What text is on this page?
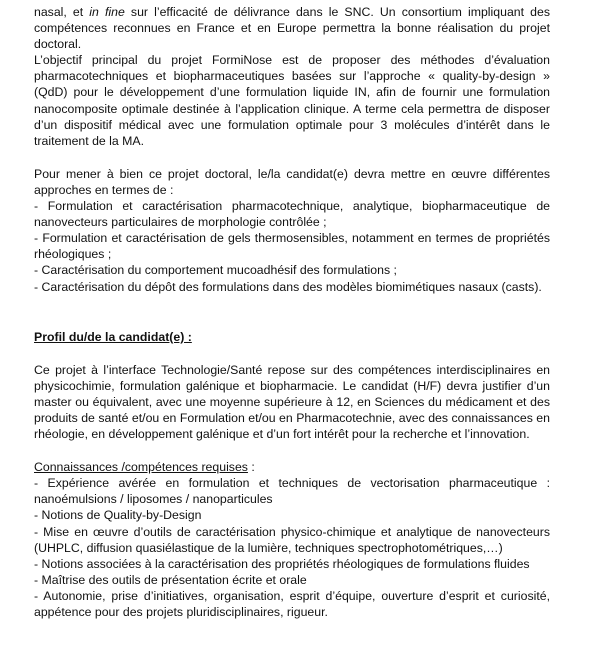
nasal, et in fine sur l’efficacité de délivrance dans le SNC. Un consortium impliquant des compétences reconnues en France et en Europe permettra la bonne réalisation du projet doctoral.

L’objectif principal du projet FormiNose est de proposer des méthodes d’évaluation pharmacotechniques et biopharmaceutiques basées sur l’approche « quality-by-design » (QdD) pour le développement d’une formulation liquide IN, afin de fournir une formulation nanocomposite optimale destinée à l’application clinique. A terme cela permettra de disposer d’un dispositif médical avec une formulation optimale pour 3 molécules d’intérêt dans le traitement de la MA.

Pour mener à bien ce projet doctoral, le/la candidat(e) devra mettre en œuvre différentes approches en termes de :

- Formulation et caractérisation pharmacotechnique, analytique, biopharmaceutique de nanovecteurs particulaires de morphologie contrôlée ;
- Formulation et caractérisation de gels thermosensibles, notamment en termes de propriétés rhéologiques ;
- Caractérisation du comportement mucoadhésif des formulations ;
- Caractérisation du dépôt des formulations dans des modèles biomimétiques nasaux (casts).

Profil du/de la candidat(e) :

Ce projet à l’interface Technologie/Santé repose sur des compétences interdisciplinaires en physicochimie, formulation galénique et biopharmacie. Le candidat (H/F) devra justifier d’un master ou équivalent, avec une moyenne supérieure à 12, en Sciences du médicament et des produits de santé et/ou en Formulation et/ou en Pharmacotechnie, avec des connaissances en rhéologie, en développement galénique et d’un fort intérêt pour la recherche et l’innovation.

Connaissances /compétences requises :

- Expérience avérée en formulation et techniques de vectorisation pharmaceutique : nanoémulsions / liposomes / nanoparticules
- Notions de Quality-by-Design
- Mise en œuvre d’outils de caractérisation physico-chimique et analytique de nanovecteurs (UHPLC, diffusion quasiélastique de la lumière, techniques spectrophotométriques,…)
- Notions associées à la caractérisation des propriétés rhéologiques de formulations fluides
- Maîtrise des outils de présentation écrite et orale
- Autonomie, prise d’initiatives, organisation, esprit d’équipe, ouverture d’esprit et curiosité, appétence pour des projets pluridisciplinaires, rigueur.
